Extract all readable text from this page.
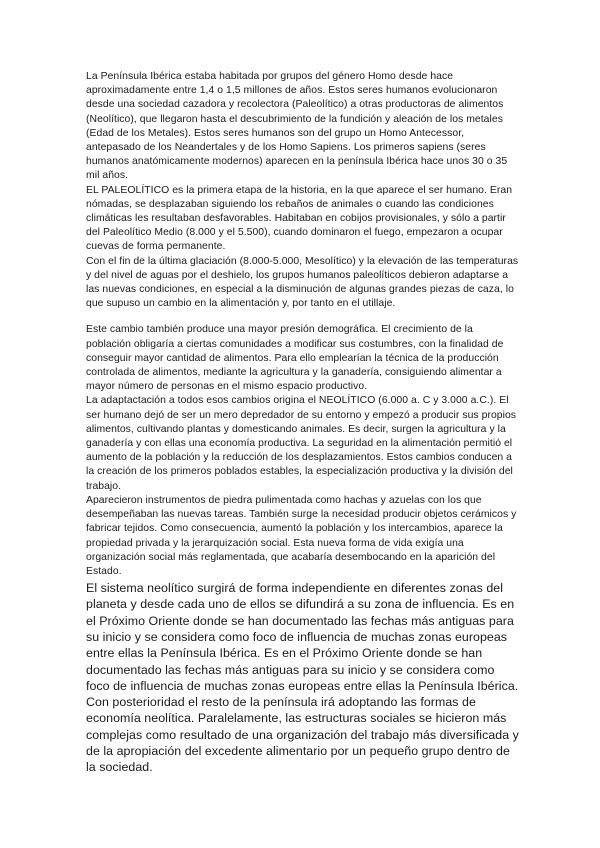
La Península Ibérica estaba habitada por grupos del género Homo desde hace aproximadamente entre 1,4 o 1,5 millones de años. Estos seres humanos evolucionaron desde una sociedad cazadora y recolectora (Paleolítico) a otras productoras de alimentos (Neolítico), que llegaron hasta el descubrimiento de la fundición y aleación de los metales (Edad de los Metales). Estos seres humanos son del grupo un Homo Antecessor, antepasado de los Neandertales y de los Homo Sapiens. Los primeros sapiens (seres humanos anatómicamente modernos) aparecen en la península Ibérica hace unos 30 o 35 mil años.

EL PALEOLÍTICO es la primera etapa de la historia, en la que aparece el ser humano. Eran nómadas, se desplazaban siguiendo los rebaños de animales o cuando las condiciones climáticas les resultaban desfavorables. Habitaban en cobijos provisionales, y sólo a partir del Paleolítico Medio (8.000 y el 5.500), cuando dominaron el fuego, empezaron a ocupar cuevas de forma permanente.

Con el fin de la última glaciación (8.000-5.000, Mesolítico) y la elevación de las temperaturas y del nivel de aguas por el deshielo, los grupos humanos paleolíticos debieron adaptarse a las nuevas condiciones, en especial a la disminución de algunas grandes piezas de caza, lo que supuso un cambio en la alimentación y, por tanto en el utillaje.

Este cambio también produce una mayor presión demográfica. El crecimiento de la población obligaría a ciertas comunidades a modificar sus costumbres, con la finalidad de conseguir mayor cantidad de alimentos. Para ello emplearían la técnica de la producción controlada de alimentos, mediante la agricultura y la ganadería, consiguiendo alimentar a mayor número de personas en el mismo espacio productivo.

La adaptactación a todos esos cambios origina el NEOLÍTICO (6.000 a. C y 3.000 a.C.). El ser humano dejó de ser un mero depredador de su entorno y empezó a producir sus propios alimentos, cultivando plantas y domesticando animales. Es decir, surgen la agricultura y la ganadería y con ellas una economía productiva. La seguridad en la alimentación permitió el aumento de la población y la reducción de los desplazamientos. Estos cambios conducen a la creación de los primeros poblados estables, la especialización productiva y la división del trabajo.

Aparecieron instrumentos de piedra pulimentada como hachas y azuelas con los que desempeñaban las nuevas tareas. También surge la necesidad producir objetos cerámicos y fabricar tejidos. Como consecuencia, aumentó la población y los intercambios, aparece la propiedad privada y la jerarquización social. Esta nueva forma de vida exigía una organización social más reglamentada, que acabaría desembocando en la aparición del Estado.

El sistema neolítico surgirá de forma independiente en diferentes zonas del planeta y desde cada uno de ellos se difundirá a su zona de influencia. Es en el Próximo Oriente donde se han documentado las fechas más antiguas para su inicio y se considera como foco de influencia de muchas zonas europeas entre ellas la Península Ibérica. Es en el Próximo Oriente donde se han documentado las fechas más antiguas para su inicio y se considera como foco de influencia de muchas zonas europeas entre ellas la Península Ibérica. Con posterioridad el resto de la península irá adoptando las formas de economía neolítica. Paralelamente, las estructuras sociales se hicieron más complejas como resultado de una organización del trabajo más diversificada y de la apropiación del excedente alimentario por un pequeño grupo dentro de la sociedad.
